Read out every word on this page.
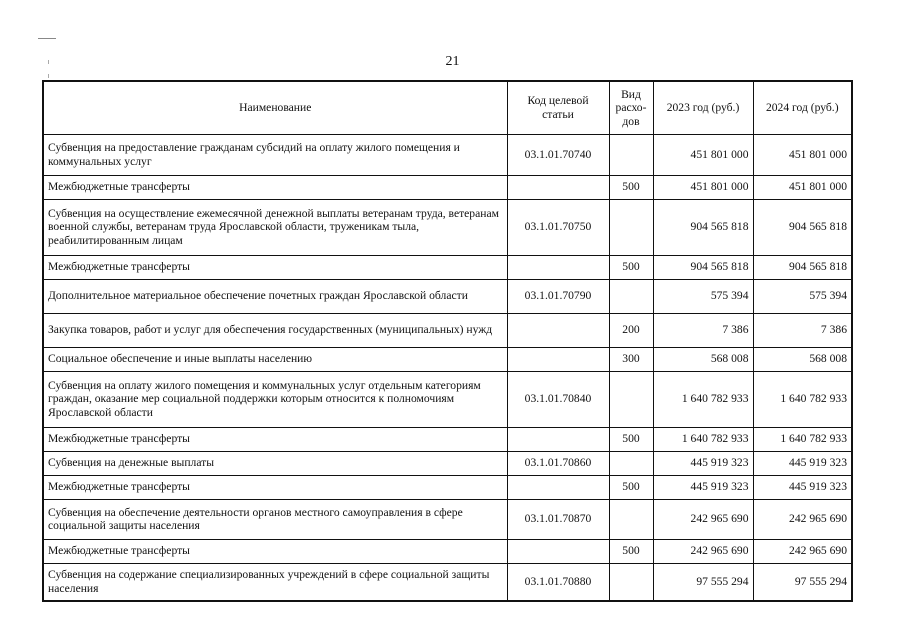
21
Наименование	Код целевой статьи	Вид расхо-дов	2023 год (руб.)	2024 год (руб.)
Субвенция на предоставление гражданам субсидий на оплату жилого помещения и коммунальных услуг	03.1.01.70740		451 801 000	451 801 000
Межбюджетные трансферты		500	451 801 000	451 801 000
Субвенция на осуществление ежемесячной денежной выплаты ветеранам труда, ветеранам военной службы, ветеранам труда Ярославской области, труженикам тыла, реабилитированным лицам	03.1.01.70750		904 565 818	904 565 818
Межбюджетные трансферты		500	904 565 818	904 565 818
Дополнительное материальное обеспечение почетных граждан Ярославской области	03.1.01.70790		575 394	575 394
Закупка товаров, работ и услуг для обеспечения государственных (муниципальных) нужд		200	7 386	7 386
Социальное обеспечение и иные выплаты населению		300	568 008	568 008
Субвенция на оплату жилого помещения и коммунальных услуг отдельным категориям граждан, оказание мер социальной поддержки которым относится к полномочиям Ярославской области	03.1.01.70840		1 640 782 933	1 640 782 933
Межбюджетные трансферты		500	1 640 782 933	1 640 782 933
Субвенция на денежные выплаты	03.1.01.70860		445 919 323	445 919 323
Межбюджетные трансферты		500	445 919 323	445 919 323
Субвенция на обеспечение деятельности органов местного самоуправления в сфере социальной защиты населения	03.1.01.70870		242 965 690	242 965 690
Межбюджетные трансферты		500	242 965 690	242 965 690
Субвенция на содержание специализированных учреждений в сфере социальной защиты населения	03.1.01.70880		97 555 294	97 555 294
